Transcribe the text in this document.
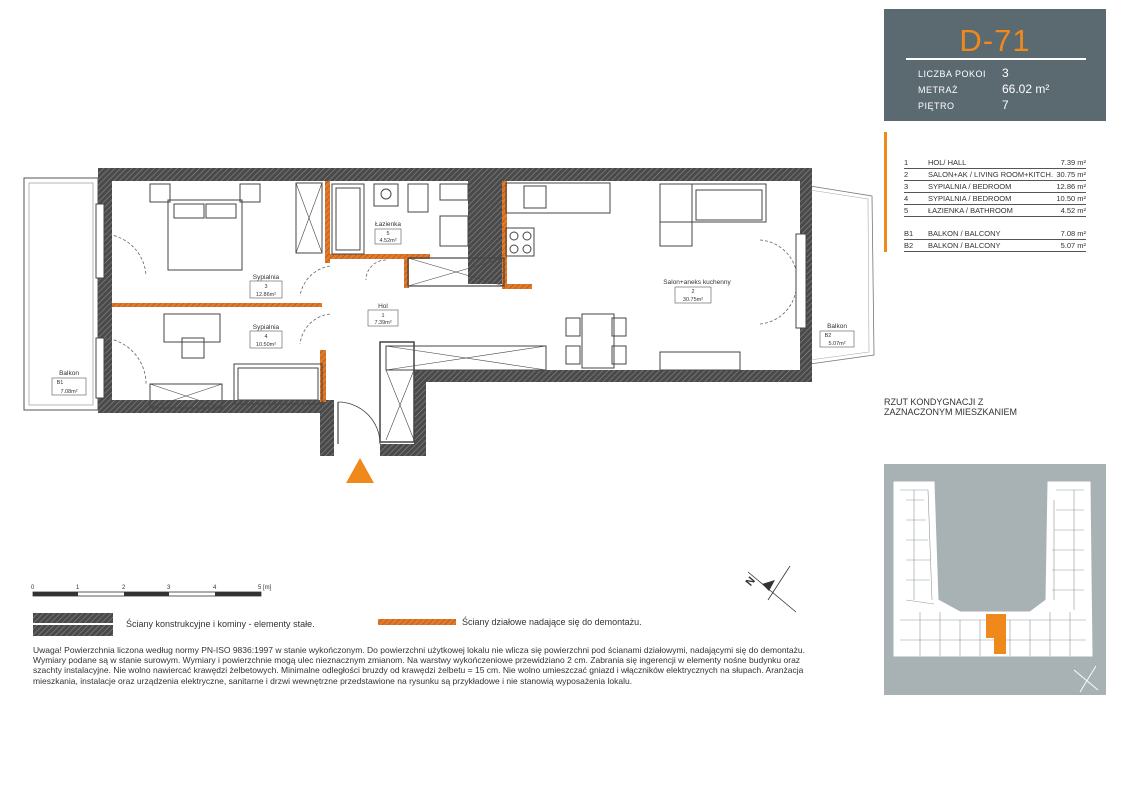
Łazienka
5
4.52m²
Sypialnia
3
12.86m²
Sypialnia
4
10.50m²
Hol
1
7.39m²
Salon+aneks kuchenny
2
30.75m²
Balkon
B1
7.08m²
Balkon
B2
5.07m²
N
D-71
LICZBA POKOI 3
METRAŻ	66.02 m²
PIĘTRO	7
1	HOL/ HALL	7.39 m²
2	SALON+AK / LIVING ROOM+KITCH. 30.75 m²
3	SYPIALNIA / BEDROOM	12.86 m²
4	SYPIALNIA / BEDROOM	10.50 m²
5	ŁAZIENKA / BATHROOM	4.52 m²
B1 BALKON / BALCONY	7.08 m²
B2 BALKON / BALCONY	5.07 m²
RZUT KONDYGNACJI Z
ZAZNACZONYM MIESZKANIEM
0	1	2	3	4	5 [m]
Ściany konstrukcyjne i kominy - elementy stałe.	Ściany działowe nadające się do demontażu.
Uwaga! Powierzchnia liczona według normy PN-ISO 9836:1997 w stanie wykończonym. Do powierzchni użytkowej lokalu nie wlicza się powierzchni pod ścianami działowymi, nadającymi się do demontażu. Wymiary podane są w stanie surowym. Wymiary i powierzchnie mogą ulec nieznacznym zmianom. Na warstwy wykończeniowe przewidziano 2 cm. Zabrania się ingerencji w elementy nośne budynku oraz szachty instalacyjne. Nie wolno nawiercać krawędzi żelbetowych. Minimalne odległości bruzdy od krawędzi żelbetu = 15 cm. Nie wolno umieszczać gniazd i włączników elektrycznych na słupach. Aranżacja mieszkania, instalacje oraz urządzenia elektryczne, sanitarne i drzwi wewnętrzne przedstawione na rysunku są przykładowe i nie stanowią wyposażenia lokalu.
